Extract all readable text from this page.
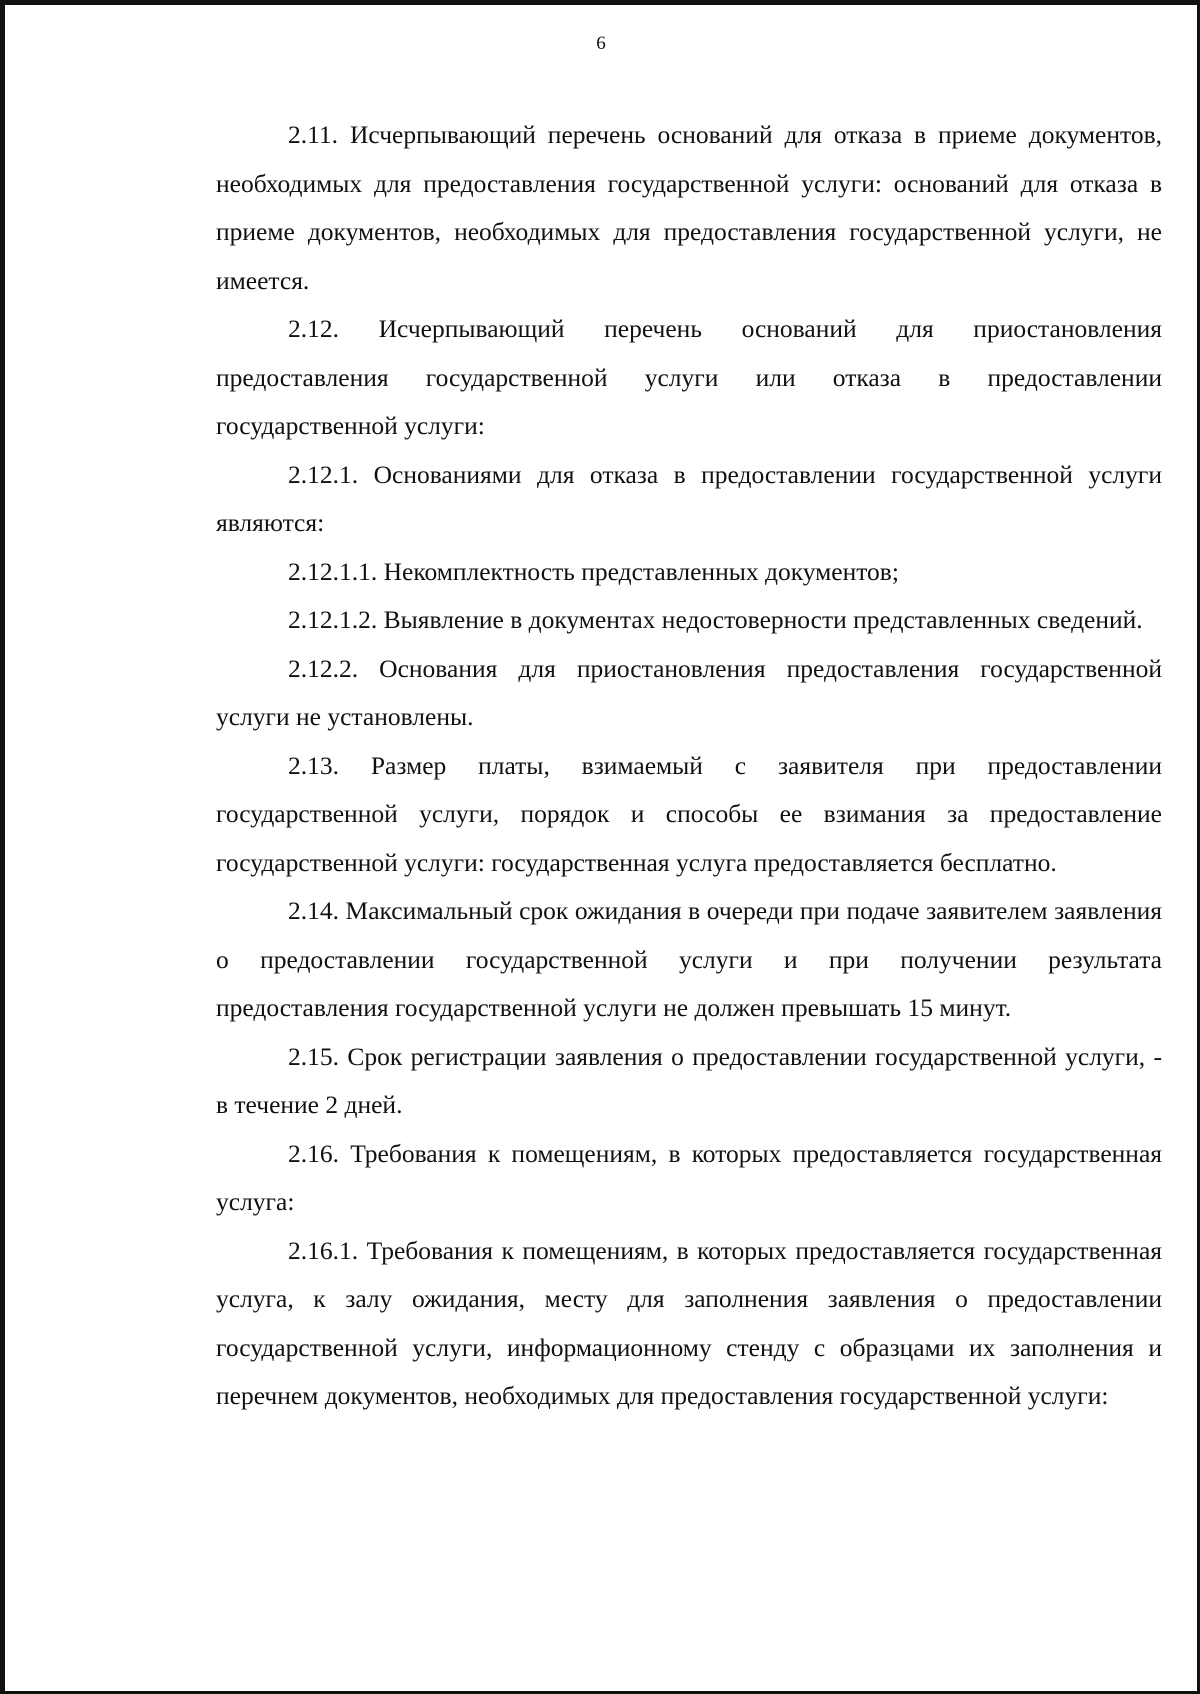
6

2.11. Исчерпывающий перечень оснований для отказа в приеме документов, необходимых для предоставления государственной услуги: оснований для отказа в приеме документов, необходимых для предоставления государственной услуги, не имеется.

2.12. Исчерпывающий перечень оснований для приостановления предоставления государственной услуги или отказа в предоставлении государственной услуги:

2.12.1. Основаниями для отказа в предоставлении государственной услуги являются:

2.12.1.1. Некомплектность представленных документов;

2.12.1.2. Выявление в документах недостоверности представленных сведений.

2.12.2. Основания для приостановления предоставления государственной услуги не установлены.

2.13. Размер платы, взимаемый с заявителя при предоставлении государственной услуги, порядок и способы ее взимания за предоставление государственной услуги: государственная услуга предоставляется бесплатно.

2.14. Максимальный срок ожидания в очереди при подаче заявителем заявления о предоставлении государственной услуги и при получении результата предоставления государственной услуги не должен превышать 15 минут.

2.15. Срок регистрации заявления о предоставлении государственной услуги, - в течение 2 дней.

2.16. Требования к помещениям, в которых предоставляется государственная услуга:

2.16.1. Требования к помещениям, в которых предоставляется государственная услуга, к залу ожидания, месту для заполнения заявления о предоставлении государственной услуги, информационному стенду с образцами их заполнения и перечнем документов, необходимых для предоставления государственной услуги:
